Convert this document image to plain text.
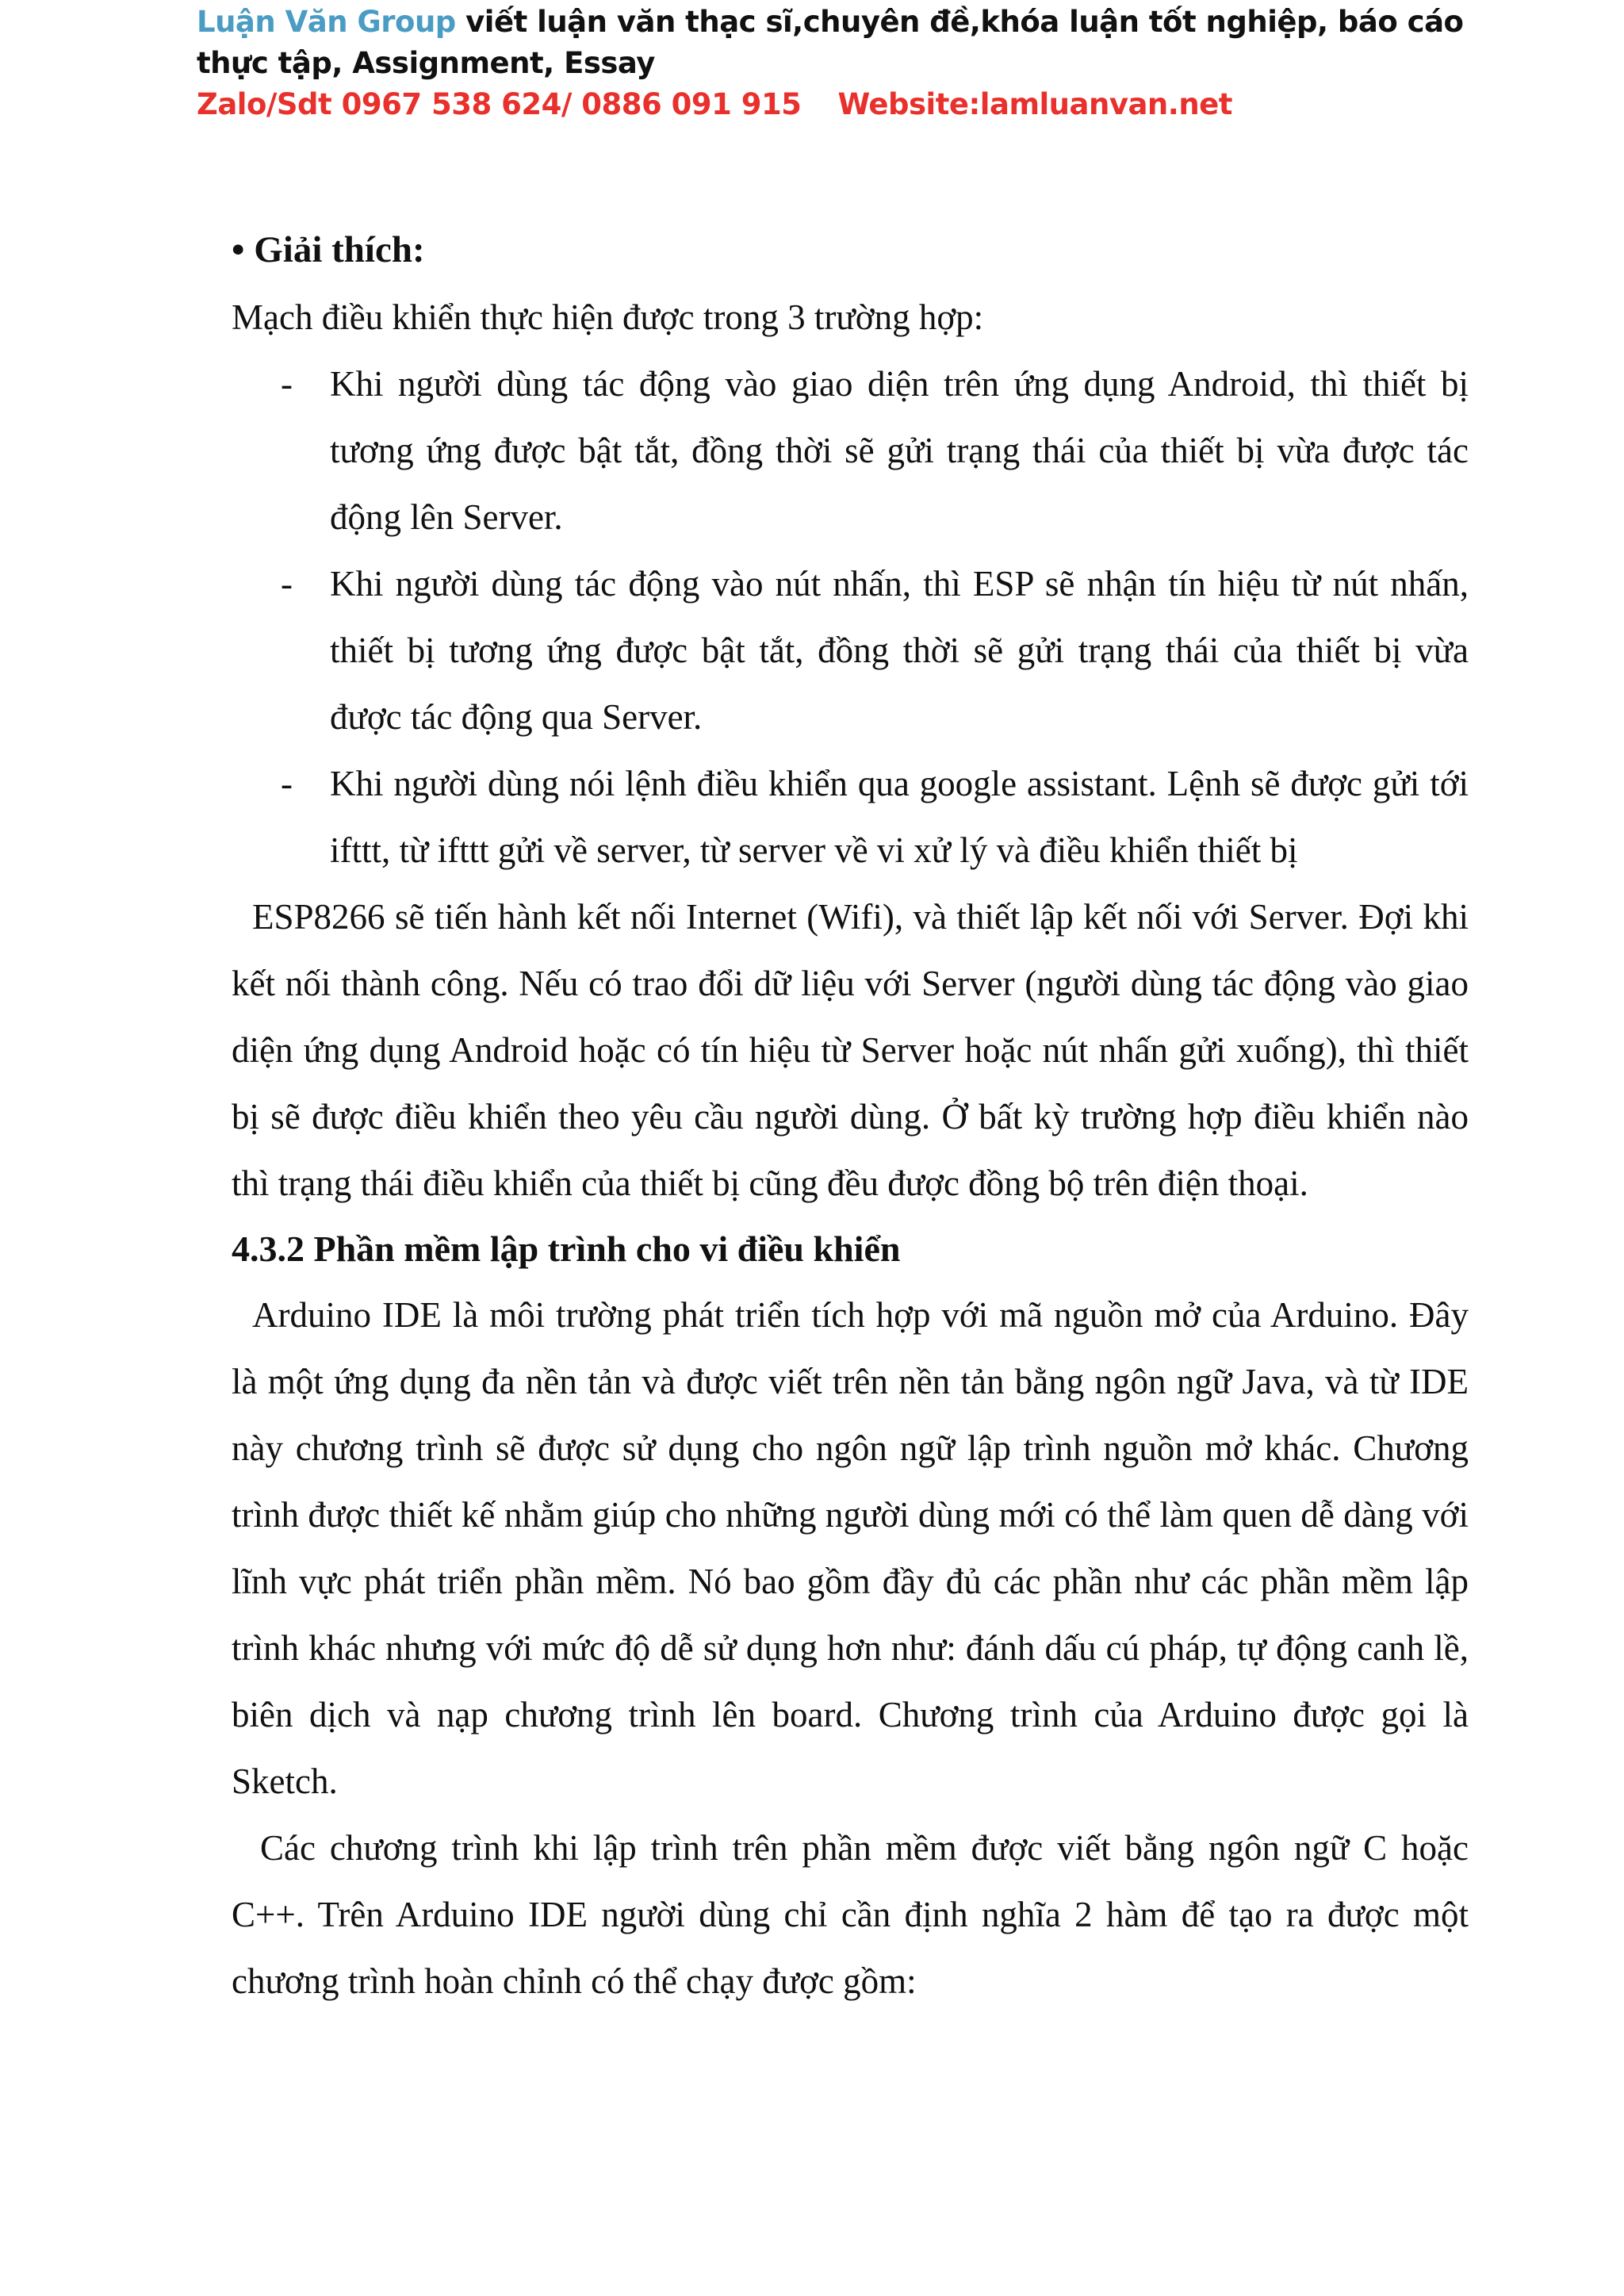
Luận Văn Group viết luận văn thạc sĩ,chuyên đề,khóa luận tốt nghiệp, báo cáo thực tập, Assignment, Essay
Zalo/Sdt 0967 538 624/ 0886 091 915 Website:lamluanvan.net

• Giải thích:

Mạch điều khiển thực hiện được trong 3 trường hợp:

- Khi người dùng tác động vào giao diện trên ứng dụng Android, thì thiết bị tương ứng được bật tắt, đồng thời sẽ gửi trạng thái của thiết bị vừa được tác động lên Server.
- Khi người dùng tác động vào nút nhấn, thì ESP sẽ nhận tín hiệu từ nút nhấn, thiết bị tương ứng được bật tắt, đồng thời sẽ gửi trạng thái của thiết bị vừa được tác động qua Server.
- Khi người dùng nói lệnh điều khiển qua google assistant. Lệnh sẽ được gửi tới ifttt, từ ifttt gửi về server, từ server về vi xử lý và điều khiển thiết bị

ESP8266 sẽ tiến hành kết nối Internet (Wifi), và thiết lập kết nối với Server. Đợi khi kết nối thành công. Nếu có trao đổi dữ liệu với Server (người dùng tác động vào giao diện ứng dụng Android hoặc có tín hiệu từ Server hoặc nút nhấn gửi xuống), thì thiết bị sẽ được điều khiển theo yêu cầu người dùng. Ở bất kỳ trường hợp điều khiển nào thì trạng thái điều khiển của thiết bị cũng đều được đồng bộ trên điện thoại.

4.3.2 Phần mềm lập trình cho vi điều khiển

Arduino IDE là môi trường phát triển tích hợp với mã nguồn mở của Arduino. Đây là một ứng dụng đa nền tản và được viết trên nền tản bằng ngôn ngữ Java, và từ IDE này chương trình sẽ được sử dụng cho ngôn ngữ lập trình nguồn mở khác. Chương trình được thiết kế nhằm giúp cho những người dùng mới có thể làm quen dễ dàng với lĩnh vực phát triển phần mềm. Nó bao gồm đầy đủ các phần như các phần mềm lập trình khác nhưng với mức độ dễ sử dụng hơn như: đánh dấu cú pháp, tự động canh lề, biên dịch và nạp chương trình lên board. Chương trình của Arduino được gọi là Sketch.

Các chương trình khi lập trình trên phần mềm được viết bằng ngôn ngữ C hoặc C++. Trên Arduino IDE người dùng chỉ cần định nghĩa 2 hàm để tạo ra được một chương trình hoàn chỉnh có thể chạy được gồm:
